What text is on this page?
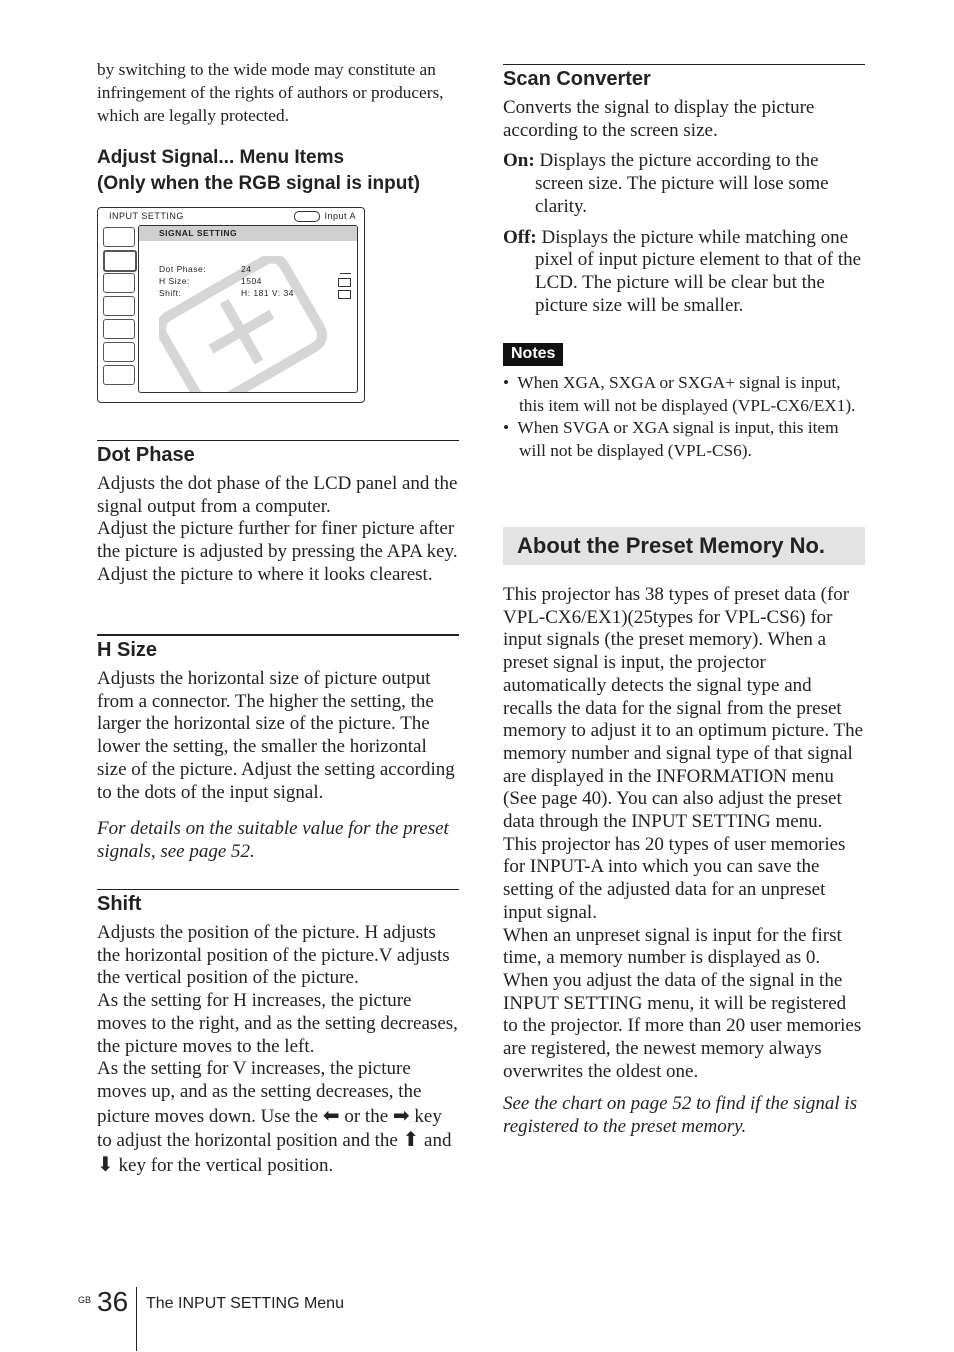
by switching to the wide mode may constitute an infringement of the rights of authors or producers, which are legally protected.

Adjust Signal... Menu Items
(Only when the RGB signal is input)
INPUT SETTING	Input A
SIGNAL SETTING
Dot Phase:	24
H Size:	1504
Shift:	H: 181 V: 34
Dot Phase

Adjusts the dot phase of the LCD panel and the signal output from a computer.

Adjust the picture further for finer picture after the picture is adjusted by pressing the APA key.

Adjust the picture to where it looks clearest.

H Size

Adjusts the horizontal size of picture output from a connector. The higher the setting, the larger the horizontal size of the picture. The lower the setting, the smaller the horizontal size of the picture. Adjust the setting according to the dots of the input signal.

For details on the suitable value for the preset signals, see page 52.

Shift

Adjusts the position of the picture. H adjusts the horizontal position of the picture.V adjusts the vertical position of the picture.

As the setting for H increases, the picture moves to the right, and as the setting decreases, the picture moves to the left.

As the setting for V increases, the picture moves up, and as the setting decreases, the picture moves down. Use the ⬅ or the ➡ key to adjust the horizontal position and the ⬆ and ⬇ key for the vertical position.

Scan Converter

Converts the signal to display the picture according to the screen size.

On: Displays the picture according to the screen size. The picture will lose some clarity.

Off: Displays the picture while matching one pixel of input picture element to that of the LCD. The picture will be clear but the picture size will be smaller.

Notes

•  When XGA, SXGA or SXGA+ signal is input, this item will not be displayed (VPL-CX6/EX1).

•  When SVGA or XGA signal is input, this item will not be displayed (VPL-CS6).

About the Preset Memory No.

This projector has 38 types of preset data (for VPL-CX6/EX1)(25types for VPL-CS6) for input signals (the preset memory). When a preset signal is input, the projector automatically detects the signal type and recalls the data for the signal from the preset memory to adjust it to an optimum picture. The memory number and signal type of that signal are displayed in the INFORMATION menu (See page 40). You can also adjust the preset data through the INPUT SETTING menu.

This projector has 20 types of user memories for INPUT-A into which you can save the setting of the adjusted data for an unpreset input signal.

When an unpreset signal is input for the first time, a memory number is displayed as 0. When you adjust the data of the signal in the INPUT SETTING menu, it will be registered to the projector. If more than 20 user memories are registered, the newest memory always overwrites the oldest one.

See the chart on page 52 to find if the signal is registered to the preset memory.

GB 36 The INPUT SETTING Menu
